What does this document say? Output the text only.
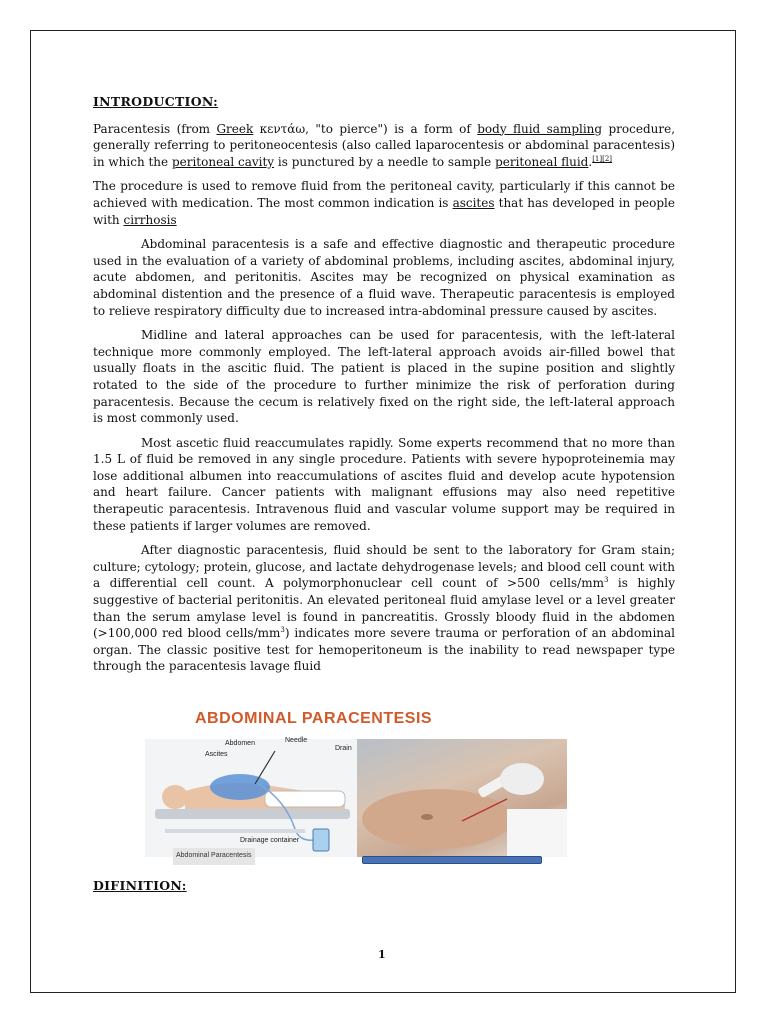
INTRODUCTION:

Paracentesis (from Greek κεντάω, "to pierce") is a form of body fluid sampling procedure, generally referring to peritoneocentesis (also called laparocentesis or abdominal paracentesis) in which the peritoneal cavity is punctured by a needle to sample peritoneal fluid.[1][2]

The procedure is used to remove fluid from the peritoneal cavity, particularly if this cannot be achieved with medication. The most common indication is ascites that has developed in people with cirrhosis

Abdominal paracentesis is a safe and effective diagnostic and therapeutic procedure used in the evaluation of a variety of abdominal problems, including ascites, abdominal injury, acute abdomen, and peritonitis. Ascites may be recognized on physical examination as abdominal distention and the presence of a fluid wave. Therapeutic paracentesis is employed to relieve respiratory difficulty due to increased intra-abdominal pressure caused by ascites.

Midline and lateral approaches can be used for paracentesis, with the left-lateral technique more commonly employed. The left-lateral approach avoids air-filled bowel that usually floats in the ascitic fluid. The patient is placed in the supine position and slightly rotated to the side of the procedure to further minimize the risk of perforation during paracentesis. Because the cecum is relatively fixed on the right side, the left-lateral approach is most commonly used.

Most ascetic fluid reaccumulates rapidly. Some experts recommend that no more than 1.5 L of fluid be removed in any single procedure. Patients with severe hypoproteinemia may lose additional albumen into reaccumulations of ascites fluid and develop acute hypotension and heart failure. Cancer patients with malignant effusions may also need repetitive therapeutic paracentesis. Intravenous fluid and vascular volume support may be required in these patients if larger volumes are removed.

After diagnostic paracentesis, fluid should be sent to the laboratory for Gram stain; culture; cytology; protein, glucose, and lactate dehydrogenase levels; and blood cell count with a differential cell count. A polymorphonuclear cell count of >500 cells/$mm^3$ is highly suggestive of bacterial peritonitis. An elevated peritoneal fluid amylase level or a level greater than the serum amylase level is found in pancreatitis. Grossly bloody fluid in the abdomen (>100,000 red blood cells/$mm^3$) indicates more severe trauma or perforation of an abdominal organ. The classic positive test for hemoperitoneum is the inability to read newspaper type through the paracentesis lavage fluid

ABDOMINAL PARACENTESIS
Abdomen	Needle
Ascites
Drain
Drainage container
Abdominal Paracentesis
DIFINITION:
1
